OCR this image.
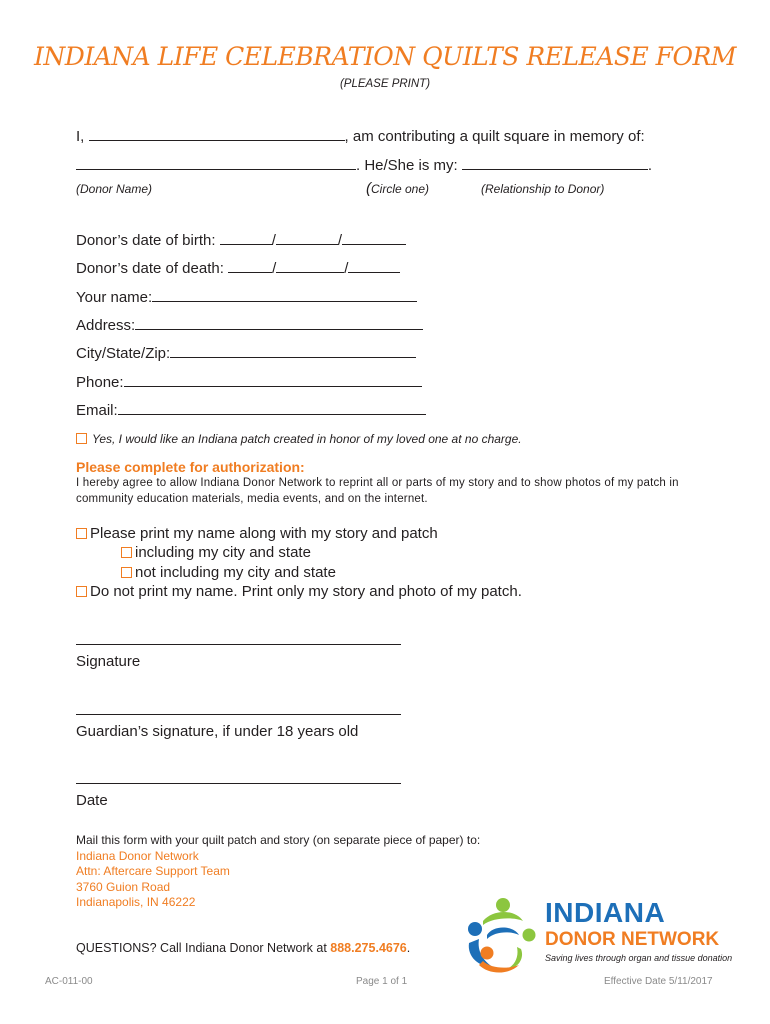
INDIANA LIFE CELEBRATION QUILTS RELEASE FORM
(PLEASE PRINT)
I,	, am contributing a quilt square in memory of:
. He/She is my:	.
(Donor Name)	(Circle one)	(Relationship to Donor)
Donor’s date of birth:	/	/
Donor’s date of death:	/	/
Your name:
Address:
City/State/Zip:
Phone:
Email:
Yes, I would like an Indiana patch created in honor of my loved one at no charge.
Please complete for authorization:
I hereby agree to allow Indiana Donor Network to reprint all or parts of my story and to show photos of my patch in community education materials, media events, and on the internet.
Please print my name along with my story and patch
including my city and state
not including my city and state
Do not print my name. Print only my story and photo of my patch.
Signature
Guardian’s signature, if under 18 years old
Date
Mail this form with your quilt patch and story (on separate piece of paper) to:
Indiana Donor Network
Attn: Aftercare Support Team
3760 Guion Road
Indianapolis, IN 46222
QUESTIONS? Call Indiana Donor Network at 888.275.4676.
INDIANA
DONOR NETWORK
Saving lives through organ and tissue donation
AC-011-00	Page 1 of 1	Effective Date 5/11/2017
